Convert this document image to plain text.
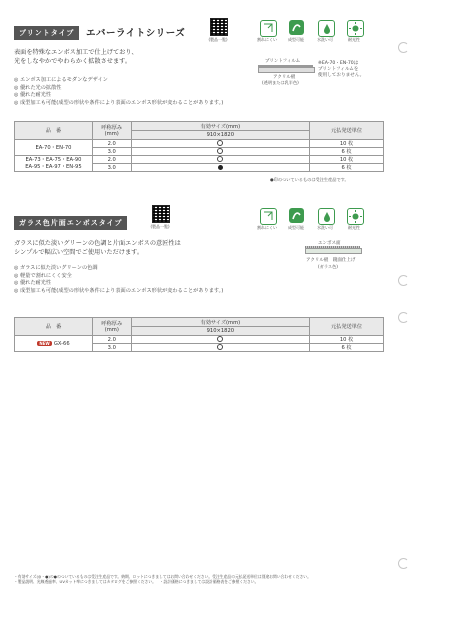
プリントタイプ	エバーライトシリーズ
(製品一覧)	割れにくい	成型可能	水洗い可	耐光性
プリントフィルム
アクリル板
(透明または乳半色)
※EA-70・EN-70は
プリントフィルムを
使用しておりません。
表面を特殊なエンボス加工で仕上げており、
光をしなやかでやわらかく拡散させます。
◎ エンボス加工によるモダンなデザイン
◎ 優れた光の拡散性
◎ 優れた耐光性
◎ 成型加工も可能(成型の形状や条件により表面のエンボス形状が変わることがあります。)
品　番	呼称厚み
(mm)	有効サイズ(mm)	元払発送単位
		910×1820	
EA-70・EN-70	2.0		10 枚
	3.0		6 枚
EA-73・EA-75・EA-90
EA-95・EA-97・EN-95	2.0		10 枚
	3.0		6 枚
●印のついているものは受注生産品です。
ガラス色片面エンボスタイプ	(製品一覧)	割れにくい	成型可能	水洗い可	耐光性
エンボス面
アクリル板　鏡面仕上げ
(ガラス色)
ガラスに似た淡いグリーンの色調と片面エンボスの意匠性は
シンプルで幅広い空間でご使用いただけます。
◎ ガラスに似た淡いグリーンの色調
◎ 軽量で割れにくく安全
◎ 優れた耐光性
◎ 成型加工も可能(成型の形状や条件により表面のエンボス形状が変わることがあります。)
品　番	呼称厚み
(mm)	有効サイズ(mm)	元払発送単位
		910×1820	
NEW GX-66	2.0		10 枚
	3.0		6 枚
・有効サイズ(◎・●)の●のついているものは受注生産品です。納期、ロットにつきましてはお問い合わせください。受注生産品の元払発送単位は別途お問い合わせください。
・製品説明、光線透過率、UVカット率につきましてはカタログをご参照ください。　・設計価格につきましては設計価格表をご参照ください。
